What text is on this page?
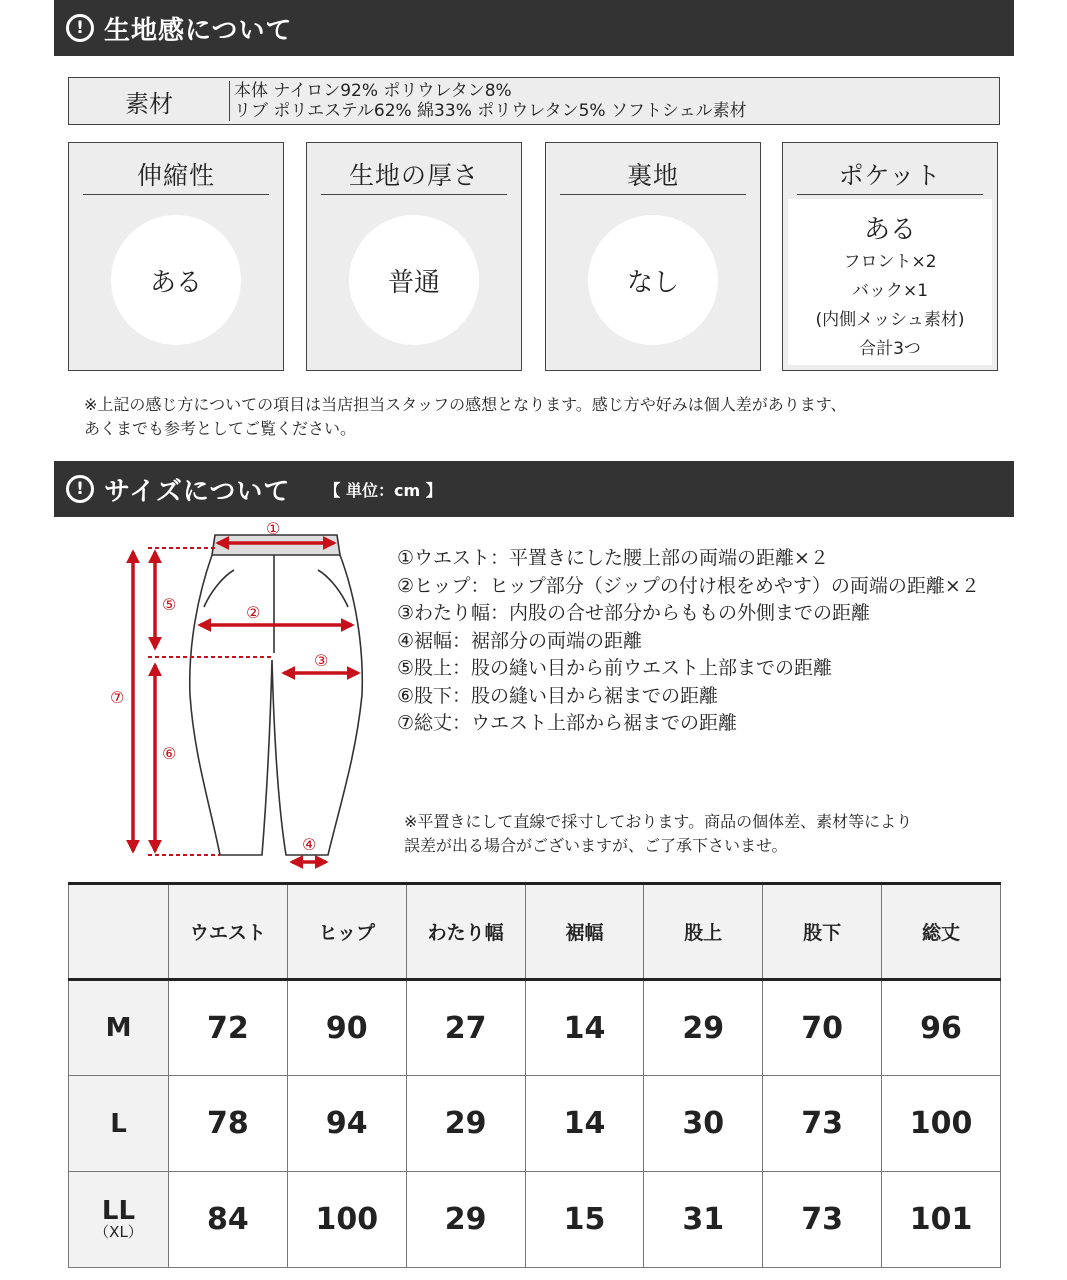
! 生地感について
素材	本体 ナイロン92% ポリウレタン8%
リブ ポリエステル62% 綿33% ポリウレタン5% ソフトシェル素材
伸縮性
ある
生地の厚さ
普通
裏地
なし
ポケット
ある
フロント×2
バック×1
(内側メッシュ素材)
合計3つ
※上記の感じ方についての項目は当店担当スタッフの感想となります。感じ方や好みは個人差があります、
あくまでも参考としてご覧ください。
! サイズについて 【 単位：cm 】
①
②
③
④
⑤
⑥
⑦
①ウエスト：平置きにした腰上部の両端の距離×２
②ヒップ：ヒップ部分（ジップの付け根をめやす）の両端の距離×２
③わたり幅：内股の合せ部分からももの外側までの距離
④裾幅：裾部分の両端の距離
⑤股上：股の縫い目から前ウエスト上部までの距離
⑥股下：股の縫い目から裾までの距離
⑦総丈：ウエスト上部から裾までの距離
※平置きにして直線で採寸しております。商品の個体差、素材等により
誤差が出る場合がございますが、ご了承下さいませ。
	ウエスト	ヒップ	わたり幅	裾幅	股上	股下	総丈
M	72	90	27	14	29	70	96
L	78	94	29	14	30	73	100
LL
（XL）	84	100	29	15	31	73	101
